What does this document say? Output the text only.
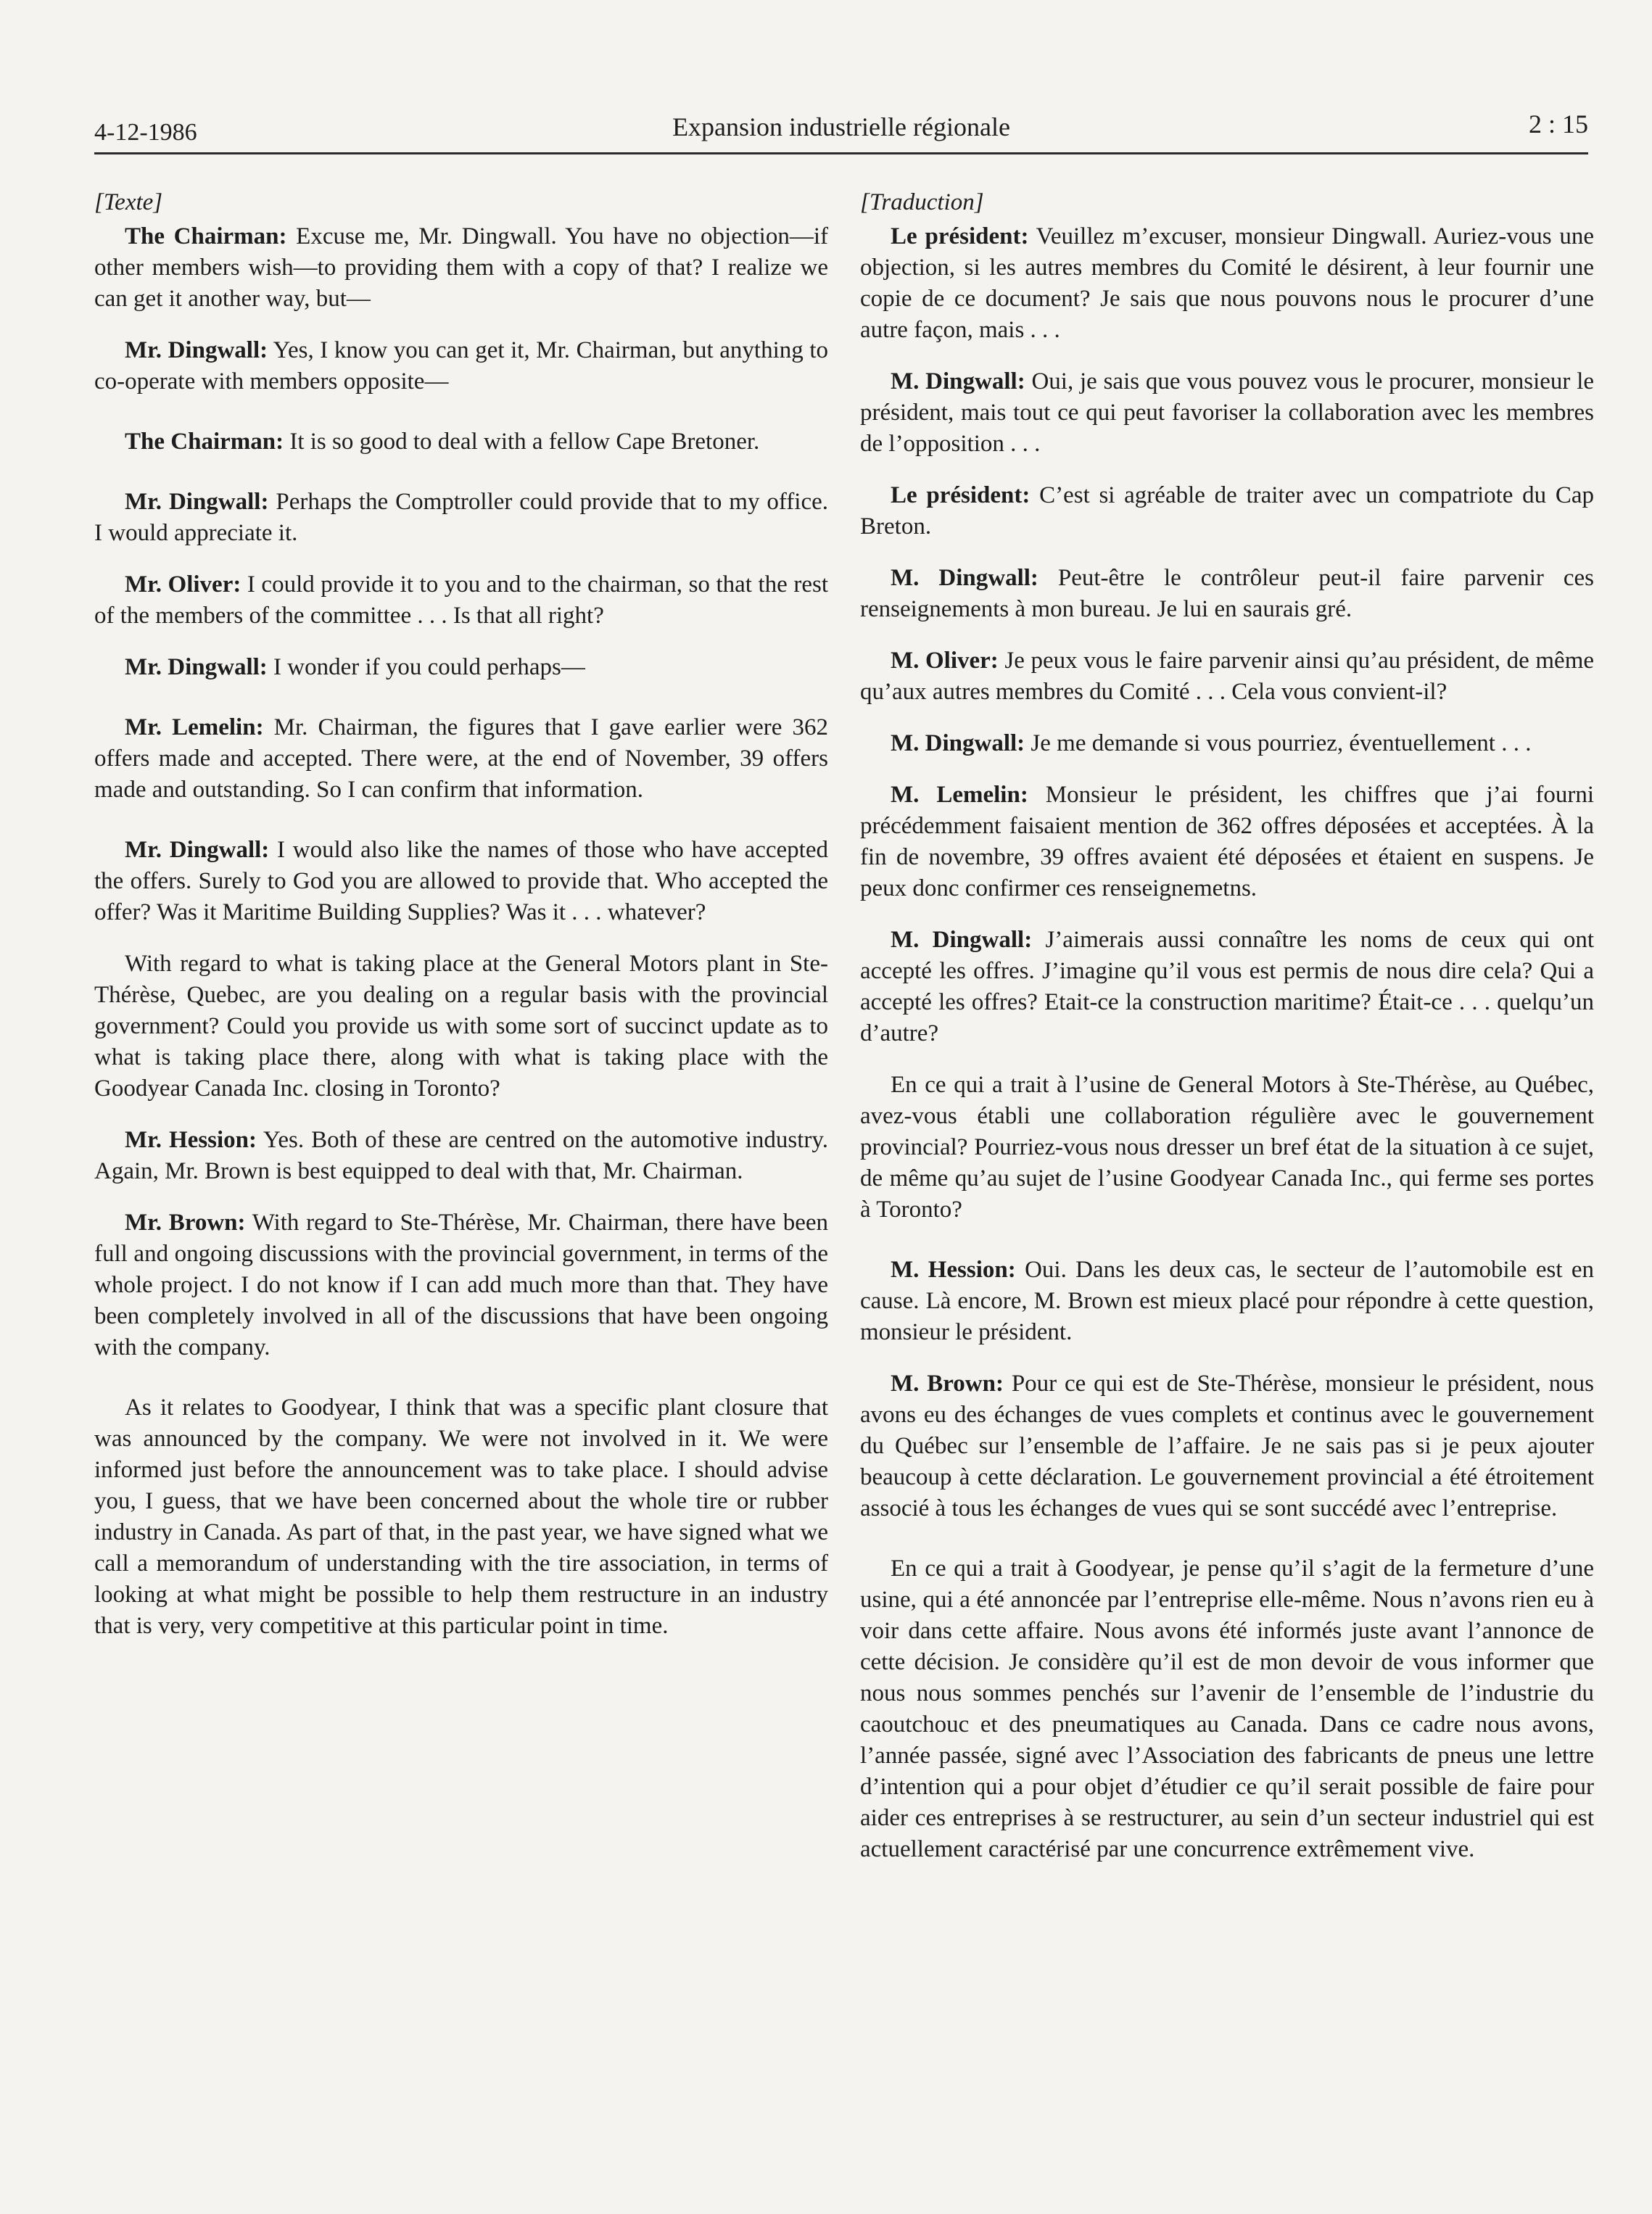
4-12-1986	Expansion industrielle régionale	2 : 15
[Texte]

The Chairman: Excuse me, Mr. Dingwall. You have no objection—if other members wish—to providing them with a copy of that? I realize we can get it another way, but—

Mr. Dingwall: Yes, I know you can get it, Mr. Chairman, but anything to co-operate with members opposite—

The Chairman: It is so good to deal with a fellow Cape Bretoner.

Mr. Dingwall: Perhaps the Comptroller could provide that to my office. I would appreciate it.

Mr. Oliver: I could provide it to you and to the chairman, so that the rest of the members of the committee . . . Is that all right?

Mr. Dingwall: I wonder if you could perhaps—

Mr. Lemelin: Mr. Chairman, the figures that I gave earlier were 362 offers made and accepted. There were, at the end of November, 39 offers made and outstanding. So I can confirm that information.

Mr. Dingwall: I would also like the names of those who have accepted the offers. Surely to God you are allowed to provide that. Who accepted the offer? Was it Maritime Building Supplies? Was it . . . whatever?

With regard to what is taking place at the General Motors plant in Ste-Thérèse, Quebec, are you dealing on a regular basis with the provincial government? Could you provide us with some sort of succinct update as to what is taking place there, along with what is taking place with the Goodyear Canada Inc. closing in Toronto?

Mr. Hession: Yes. Both of these are centred on the automotive industry. Again, Mr. Brown is best equipped to deal with that, Mr. Chairman.

Mr. Brown: With regard to Ste-Thérèse, Mr. Chairman, there have been full and ongoing discussions with the provincial government, in terms of the whole project. I do not know if I can add much more than that. They have been completely involved in all of the discussions that have been ongoing with the company.

As it relates to Goodyear, I think that was a specific plant closure that was announced by the company. We were not involved in it. We were informed just before the announcement was to take place. I should advise you, I guess, that we have been concerned about the whole tire or rubber industry in Canada. As part of that, in the past year, we have signed what we call a memorandum of understanding with the tire association, in terms of looking at what might be possible to help them restructure in an industry that is very, very competitive at this particular point in time.

[Traduction]

Le président: Veuillez m’excuser, monsieur Dingwall. Auriez-vous une objection, si les autres membres du Comité le désirent, à leur fournir une copie de ce document? Je sais que nous pouvons nous le procurer d’une autre façon, mais . . .

M. Dingwall: Oui, je sais que vous pouvez vous le procurer, monsieur le président, mais tout ce qui peut favoriser la collaboration avec les membres de l’opposition . . .

Le président: C’est si agréable de traiter avec un compatriote du Cap Breton.

M. Dingwall: Peut-être le contrôleur peut-il faire parvenir ces renseignements à mon bureau. Je lui en saurais gré.

M. Oliver: Je peux vous le faire parvenir ainsi qu’au président, de même qu’aux autres membres du Comité . . . Cela vous convient-il?

M. Dingwall: Je me demande si vous pourriez, éventuellement . . .

M. Lemelin: Monsieur le président, les chiffres que j’ai fourni précédemment faisaient mention de 362 offres déposées et acceptées. À la fin de novembre, 39 offres avaient été déposées et étaient en suspens. Je peux donc confirmer ces renseignemetns.

M. Dingwall: J’aimerais aussi connaître les noms de ceux qui ont accepté les offres. J’imagine qu’il vous est permis de nous dire cela? Qui a accepté les offres? Etait-ce la construction maritime? Était-ce . . . quelqu’un d’autre?

En ce qui a trait à l’usine de General Motors à Ste-Thérèse, au Québec, avez-vous établi une collaboration régulière avec le gouvernement provincial? Pourriez-vous nous dresser un bref état de la situation à ce sujet, de même qu’au sujet de l’usine Goodyear Canada Inc., qui ferme ses portes à Toronto?

M. Hession: Oui. Dans les deux cas, le secteur de l’automobile est en cause. Là encore, M. Brown est mieux placé pour répondre à cette question, monsieur le président.

M. Brown: Pour ce qui est de Ste-Thérèse, monsieur le président, nous avons eu des échanges de vues complets et continus avec le gouvernement du Québec sur l’ensemble de l’affaire. Je ne sais pas si je peux ajouter beaucoup à cette déclaration. Le gouvernement provincial a été étroitement associé à tous les échanges de vues qui se sont succédé avec l’entreprise.

En ce qui a trait à Goodyear, je pense qu’il s’agit de la fermeture d’une usine, qui a été annoncée par l’entreprise elle-même. Nous n’avons rien eu à voir dans cette affaire. Nous avons été informés juste avant l’annonce de cette décision. Je considère qu’il est de mon devoir de vous informer que nous nous sommes penchés sur l’avenir de l’ensemble de l’industrie du caoutchouc et des pneumatiques au Canada. Dans ce cadre nous avons, l’année passée, signé avec l’Association des fabricants de pneus une lettre d’intention qui a pour objet d’étudier ce qu’il serait possible de faire pour aider ces entreprises à se restructurer, au sein d’un secteur industriel qui est actuellement caractérisé par une concurrence extrêmement vive.
